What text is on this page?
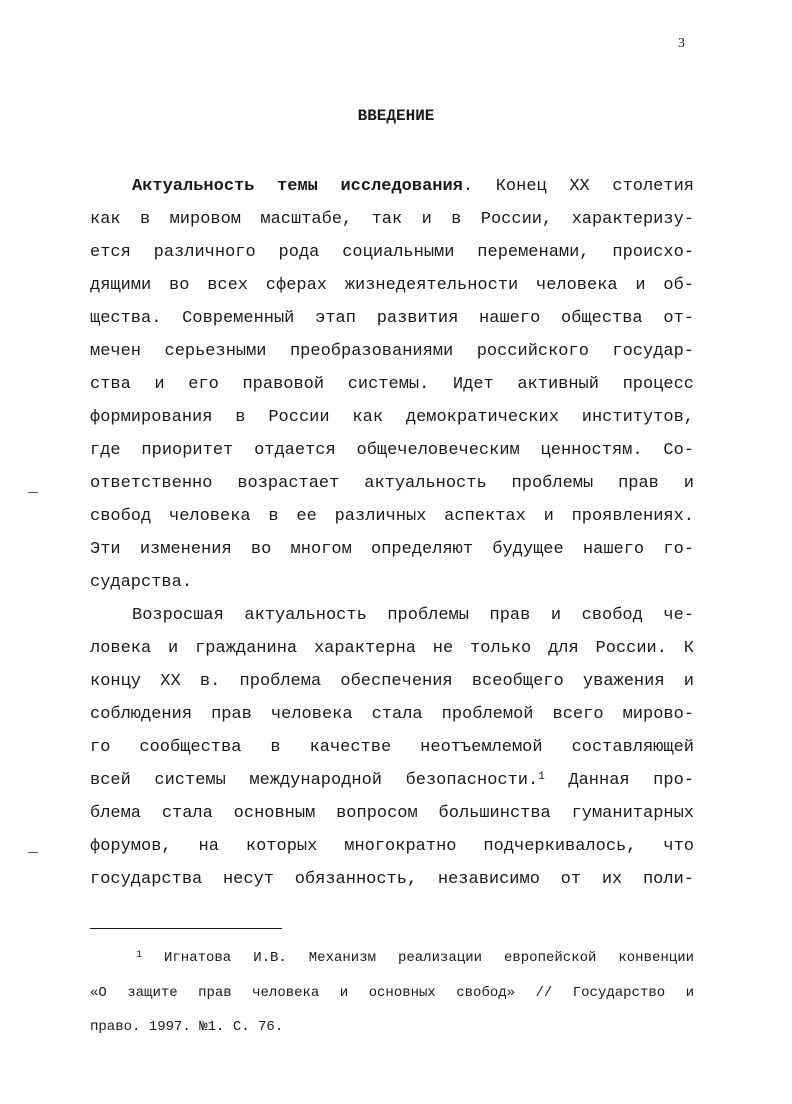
3
ВВЕДЕНИЕ
Актуальность темы исследования. Конец XX столетия
как в мировом масштабе, так и в России, характеризу-
ется различного рода социальными переменами, происхо-
дящими во всех сферах жизнедеятельности человека и об-
щества. Современный этап развития нашего общества от-
мечен серьезными преобразованиями российского государ-
ства и его правовой системы. Идет активный процесс
формирования в России как демократических институтов,
где приоритет отдается общечеловеческим ценностям. Со-
ответственно возрастает актуальность проблемы прав и
свобод человека в ее различных аспектах и проявлениях.
Эти изменения во многом определяют будущее нашего го-
сударства.
Возросшая актуальность проблемы прав и свобод че-
ловека и гражданина характерна не только для России. К
концу XX в. проблема обеспечения всеобщего уважения и
соблюдения прав человека стала проблемой всего мирово-
го сообщества в качестве неотъемлемой составляющей
всей системы международной безопасности.$^1$ Данная про-
блема стала основным вопросом большинства гуманитарных
форумов, на которых многократно подчеркивалось, что
государства несут обязанность, независимо от их поли-
$^1$ Игнатова И.В. Механизм реализации европейской конвенции
«О защите прав человека и основных свобод» // Государство и
право. 1997. №1. С. 76.
